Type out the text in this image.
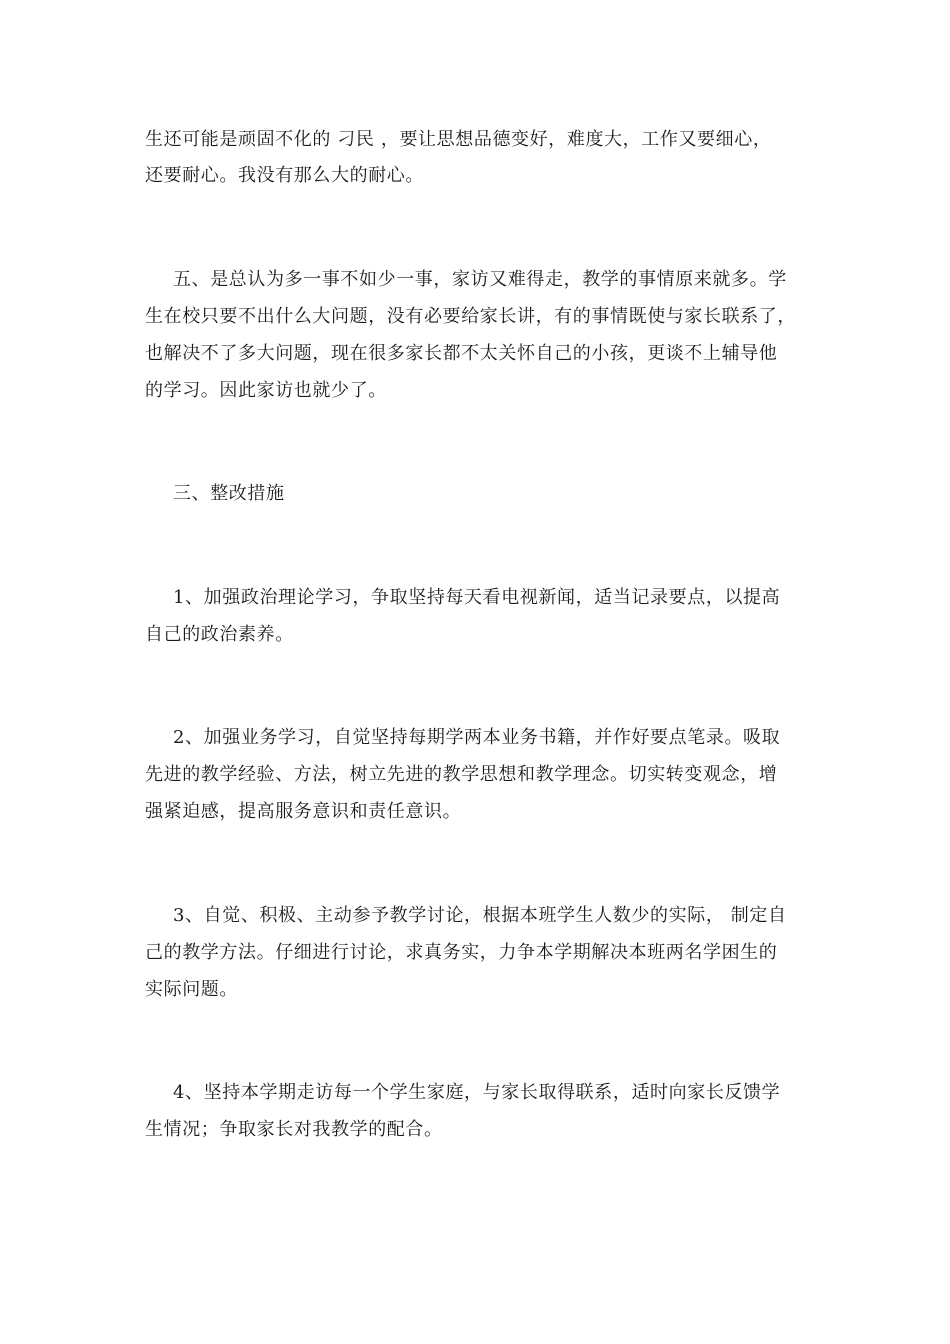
生还可能是顽固不化的 刁民 ，要让思想品德变好，难度大，工作又要细心，
还要耐心。我没有那么大的耐心。
五、是总认为多一事不如少一事，家访又难得走，教学的事情原来就多。学
生在校只要不出什么大问题，没有必要给家长讲，有的事情既使与家长联系了，
也解决不了多大问题，现在很多家长都不太关怀自己的小孩，更谈不上辅导他
的学习。因此家访也就少了。
三、整改措施
1、加强政治理论学习，争取坚持每天看电视新闻，适当记录要点，以提高
自己的政治素养。
2、加强业务学习，自觉坚持每期学两本业务书籍，并作好要点笔录。吸取
先进的教学经验、方法，树立先进的教学思想和教学理念。切实转变观念，增
强紧迫感，提高服务意识和责任意识。
3、自觉、积极、主动参予教学讨论，根据本班学生人数少的实际， 制定自
己的教学方法。仔细进行讨论，求真务实，力争本学期解决本班两名学困生的
实际问题。
4、坚持本学期走访每一个学生家庭，与家长取得联系，适时向家长反馈学
生情况；争取家长对我教学的配合。
